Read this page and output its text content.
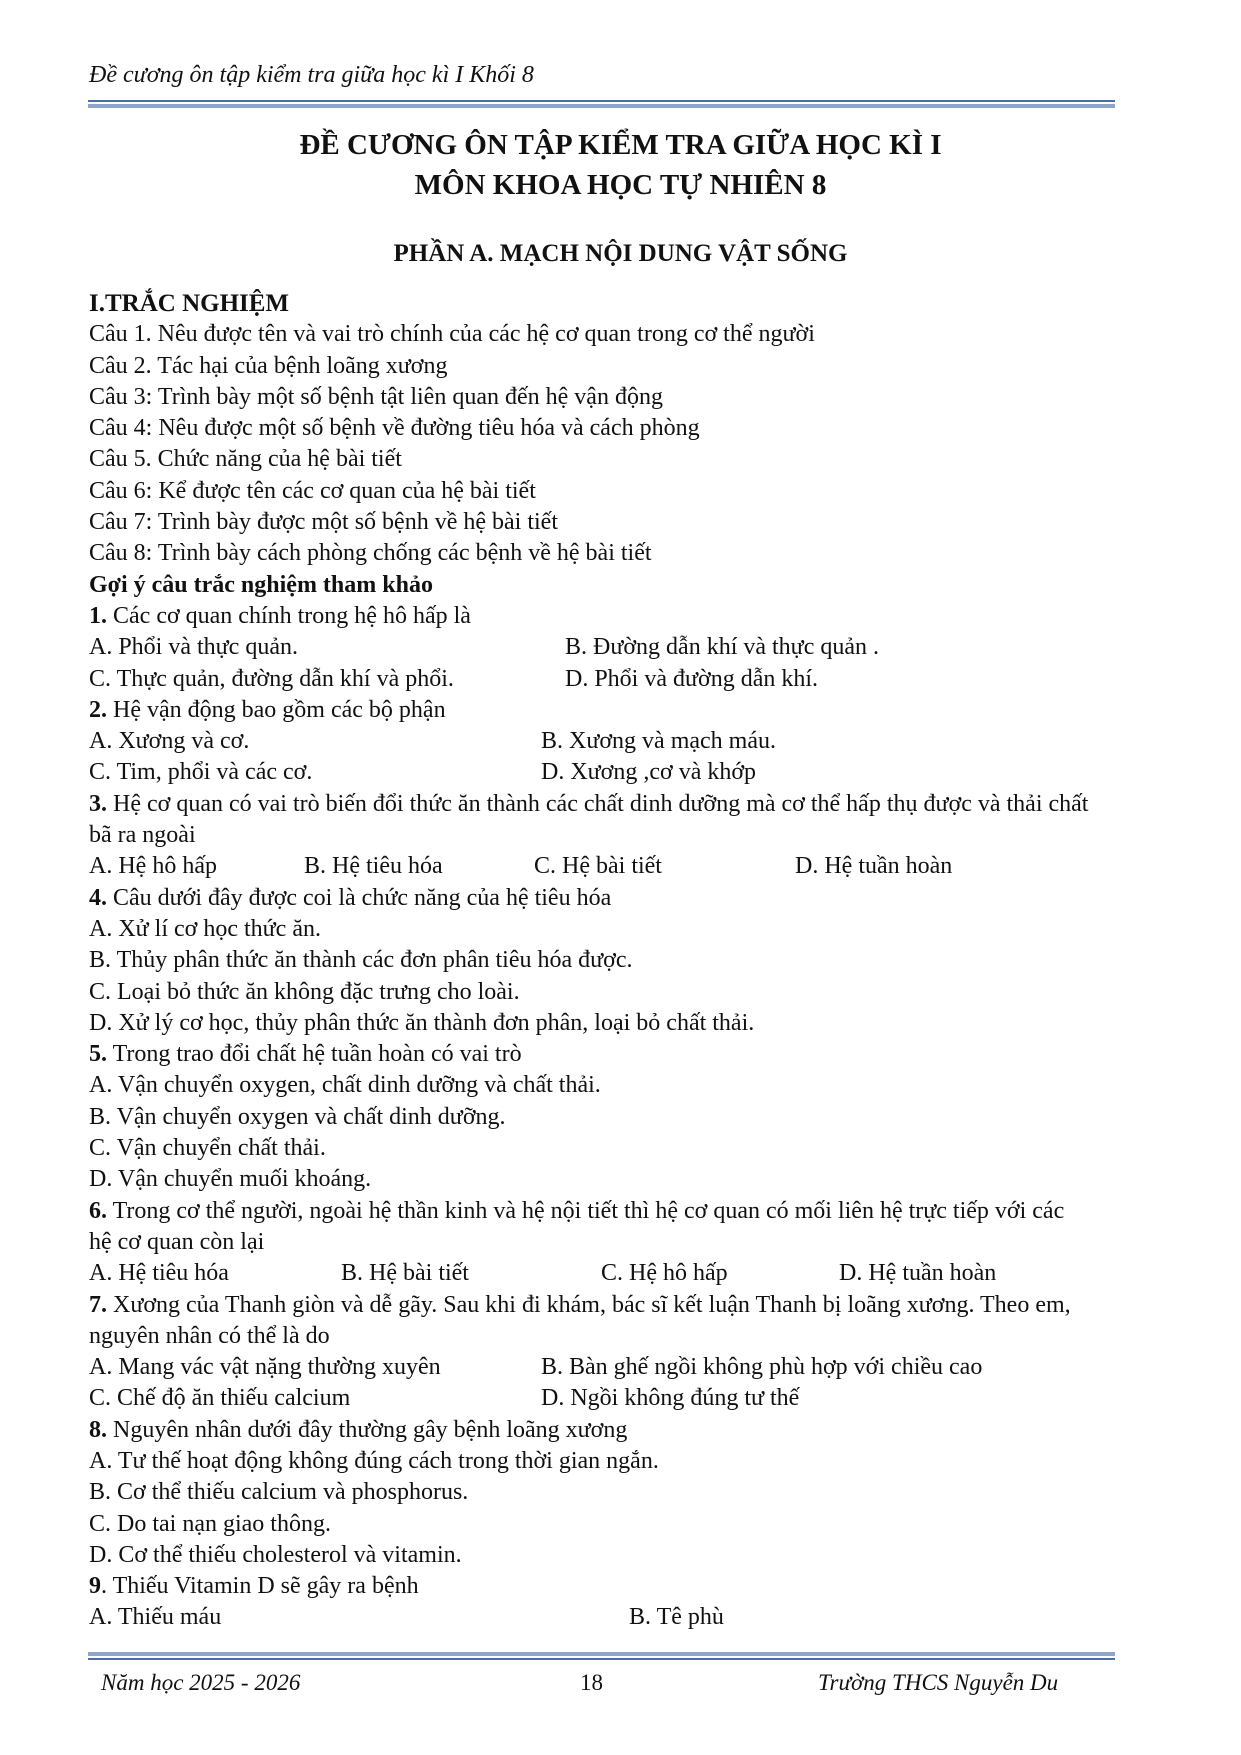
Đề cương ôn tập kiểm tra giữa học kì I Khối 8
ĐỀ CƯƠNG ÔN TẬP KIỂM TRA GIỮA HỌC KÌ I
MÔN KHOA HỌC TỰ NHIÊN 8
PHẦN A. MẠCH NỘI DUNG VẬT SỐNG
I.TRẮC NGHIỆM
Câu 1. Nêu được tên và vai trò chính của các hệ cơ quan trong cơ thể người
Câu 2. Tác hại của bệnh loãng xương
Câu 3: Trình bày một số bệnh tật liên quan đến hệ vận động
Câu 4: Nêu được một số bệnh về đường tiêu hóa và cách phòng
Câu 5. Chức năng của hệ bài tiết
Câu 6: Kể được tên các cơ quan của hệ bài tiết
Câu 7: Trình bày được một số bệnh về hệ bài tiết
Câu 8: Trình bày cách phòng chống các bệnh về hệ bài tiết
Gợi ý câu trắc nghiệm tham khảo
1. Các cơ quan chính trong hệ hô hấp là
A. Phổi và thực quản.	B. Đường dẫn khí và thực quản .
C. Thực quản, đường dẫn khí và phổi.	D. Phổi và đường dẫn khí.
2. Hệ vận động bao gồm các bộ phận
A. Xương và cơ.	B. Xương và mạch máu.
C. Tim, phổi và các cơ.	D. Xương ,cơ và khớp
3. Hệ cơ quan có vai trò biến đổi thức ăn thành các chất dinh dưỡng mà cơ thể hấp thụ được và thải chất bã ra ngoài
A. Hệ hô hấp	B. Hệ tiêu hóa	C. Hệ bài tiết	D. Hệ tuần hoàn
4. Câu dưới đây được coi là chức năng của hệ tiêu hóa
A. Xử lí cơ học thức ăn.
B. Thủy phân thức ăn thành các đơn phân tiêu hóa được.
C. Loại bỏ thức ăn không đặc trưng cho loài.
D. Xử lý cơ học, thủy phân thức ăn thành đơn phân, loại bỏ chất thải.
5. Trong trao đổi chất hệ tuần hoàn có vai trò
A. Vận chuyển oxygen, chất dinh dưỡng và chất thải.
B. Vận chuyển oxygen và chất dinh dưỡng.
C. Vận chuyển chất thải.
D. Vận chuyển muối khoáng.
6. Trong cơ thể người, ngoài hệ thần kinh và hệ nội tiết thì hệ cơ quan có mối liên hệ trực tiếp với các hệ cơ quan còn lại
A. Hệ tiêu hóa	B. Hệ bài tiết	C. Hệ hô hấp	D. Hệ tuần hoàn
7. Xương của Thanh giòn và dễ gãy. Sau khi đi khám, bác sĩ kết luận Thanh bị loãng xương. Theo em, nguyên nhân có thể là do
A. Mang vác vật nặng thường xuyên	B. Bàn ghế ngồi không phù hợp với chiều cao
C. Chế độ ăn thiếu calcium	D. Ngồi không đúng tư thế
8. Nguyên nhân dưới đây thường gây bệnh loãng xương
A. Tư thế hoạt động không đúng cách trong thời gian ngắn.
B. Cơ thể thiếu calcium và phosphorus.
C. Do tai nạn giao thông.
D. Cơ thể thiếu cholesterol và vitamin.
9. Thiếu Vitamin D sẽ gây ra bệnh
A. Thiếu máu	B. Tê phù
Năm học 2025 - 2026	18	Trường THCS Nguyễn Du
